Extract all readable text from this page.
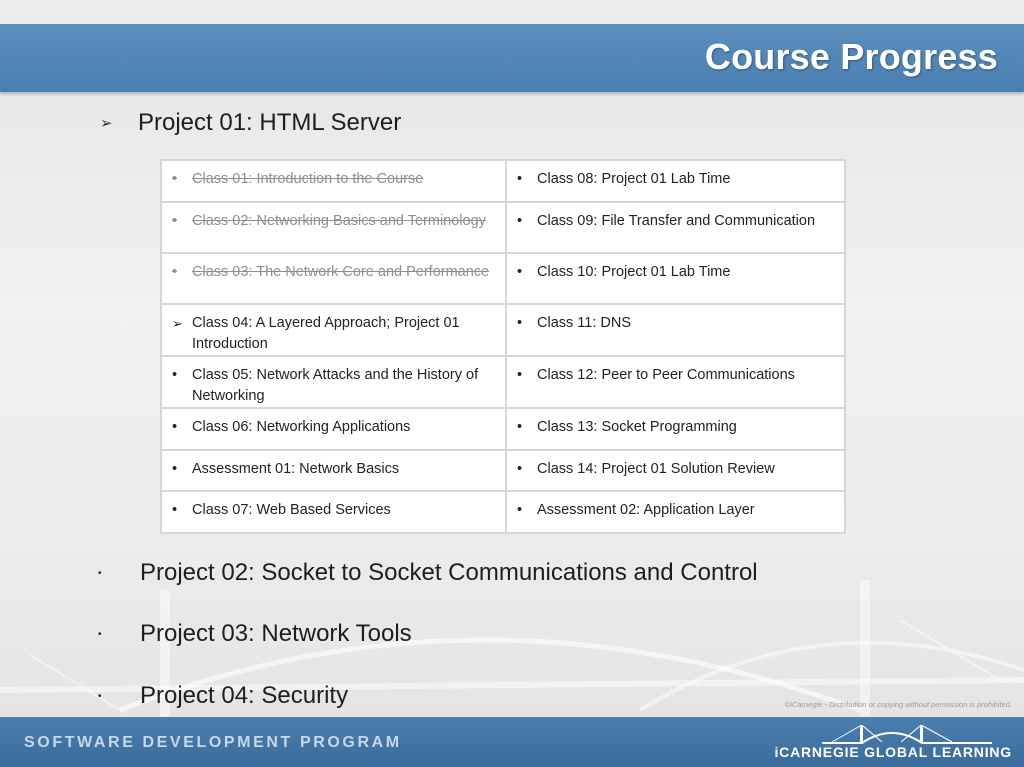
Course Progress
➢	Project 01: HTML Server
• Class 01: Introduction to the Course	• Class 08: Project 01 Lab Time

• Class 02: Networking Basics and Terminology	• Class 09: File Transfer and Communication

• Class 03: The Network Core and Performance	• Class 10: Project 01 Lab Time

➢ Class 04: A Layered Approach; Project 01 Introduction	• Class 11: DNS

• Class 05: Network Attacks and the History of Networking	• Class 12: Peer to Peer Communications

• Class 06: Networking Applications	• Class 13: Socket Programming

• Assessment 01: Network Basics	• Class 14: Project 01 Solution Review

• Class 07: Web Based Services	• Assessment 02: Application Layer
•	Project 02: Socket to Socket Communications and Control
•	Project 03: Network Tools
•	Project 04: Security	©iCarnegie - Distribution or copying without permission is prohibited.
SOFTWARE DEVELOPMENT PROGRAM
iCARNEGIE GLOBAL LEARNING
